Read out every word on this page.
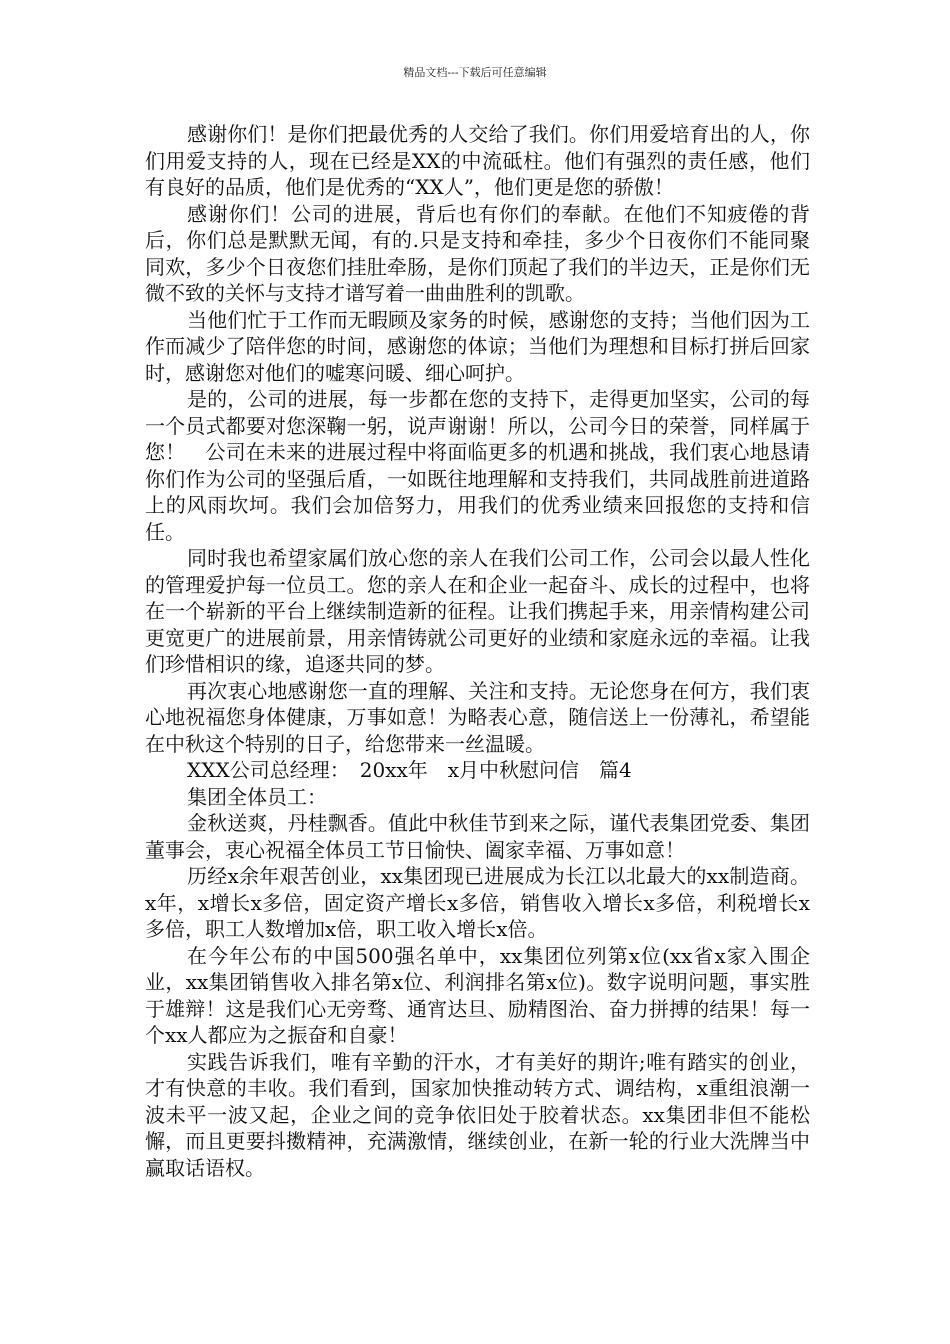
精品文档---下载后可任意编辑

感谢你们！是你们把最优秀的人交给了我们。你们用爱培育出的人，你们用爱支持的人，现在已经是XX的中流砥柱。他们有强烈的责任感，他们有良好的品质，他们是优秀的“XX人”，他们更是您的骄傲！

感谢你们！公司的进展，背后也有你们的奉献。在他们不知疲倦的背后，你们总是默默无闻，有的.只是支持和牵挂，多少个日夜你们不能同聚同欢，多少个日夜您们挂肚牵肠，是你们顶起了我们的半边天，正是你们无微不致的关怀与支持才谱写着一曲曲胜利的凯歌。

当他们忙于工作而无暇顾及家务的时候，感谢您的支持；当他们因为工作而减少了陪伴您的时间，感谢您的体谅；当他们为理想和目标打拼后回家时，感谢您对他们的嘘寒问暖、细心呵护。

是的，公司的进展，每一步都在您的支持下，走得更加坚实，公司的每一个员式都要对您深鞠一躬，说声谢谢！所以，公司今日的荣誉，同样属于您！　公司在未来的进展过程中将面临更多的机遇和挑战，我们衷心地恳请你们作为公司的坚强后盾，一如既往地理解和支持我们，共同战胜前进道路上的风雨坎坷。我们会加倍努力，用我们的优秀业绩来回报您的支持和信任。

同时我也希望家属们放心您的亲人在我们公司工作，公司会以最人性化的管理爱护每一位员工。您的亲人在和企业一起奋斗、成长的过程中，也将在一个崭新的平台上继续制造新的征程。让我们携起手来，用亲情构建公司更宽更广的进展前景，用亲情铸就公司更好的业绩和家庭永远的幸福。让我们珍惜相识的缘，追逐共同的梦。

再次衷心地感谢您一直的理解、关注和支持。无论您身在何方，我们衷心地祝福您身体健康，万事如意！为略表心意，随信送上一份薄礼，希望能在中秋这个特别的日子，给您带来一丝温暖。

XXX公司总经理：　20xx年　x月中秋慰问信　篇4

集团全体员工：

金秋送爽，丹桂飘香。值此中秋佳节到来之际，谨代表集团党委、集团董事会，衷心祝福全体员工节日愉快、阖家幸福、万事如意！

历经x余年艰苦创业，xx集团现已进展成为长江以北最大的xx制造商。x年，x增长x多倍，固定资产增长x多倍，销售收入增长x多倍，利税增长x多倍，职工人数增加x倍，职工收入增长x倍。

在今年公布的中国500强名单中，xx集团位列第x位(xx省x家入围企业，xx集团销售收入排名第x位、利润排名第x位)。数字说明问题，事实胜于雄辩！这是我们心无旁骛、通宵达旦、励精图治、奋力拼搏的结果！每一个xx人都应为之振奋和自豪！

实践告诉我们，唯有辛勤的汗水，才有美好的期许;唯有踏实的创业，才有快意的丰收。我们看到，国家加快推动转方式、调结构，x重组浪潮一波未平一波又起，企业之间的竞争依旧处于胶着状态。xx集团非但不能松懈，而且更要抖擞精神，充满激情，继续创业，在新一轮的行业大洗牌当中赢取话语权。
